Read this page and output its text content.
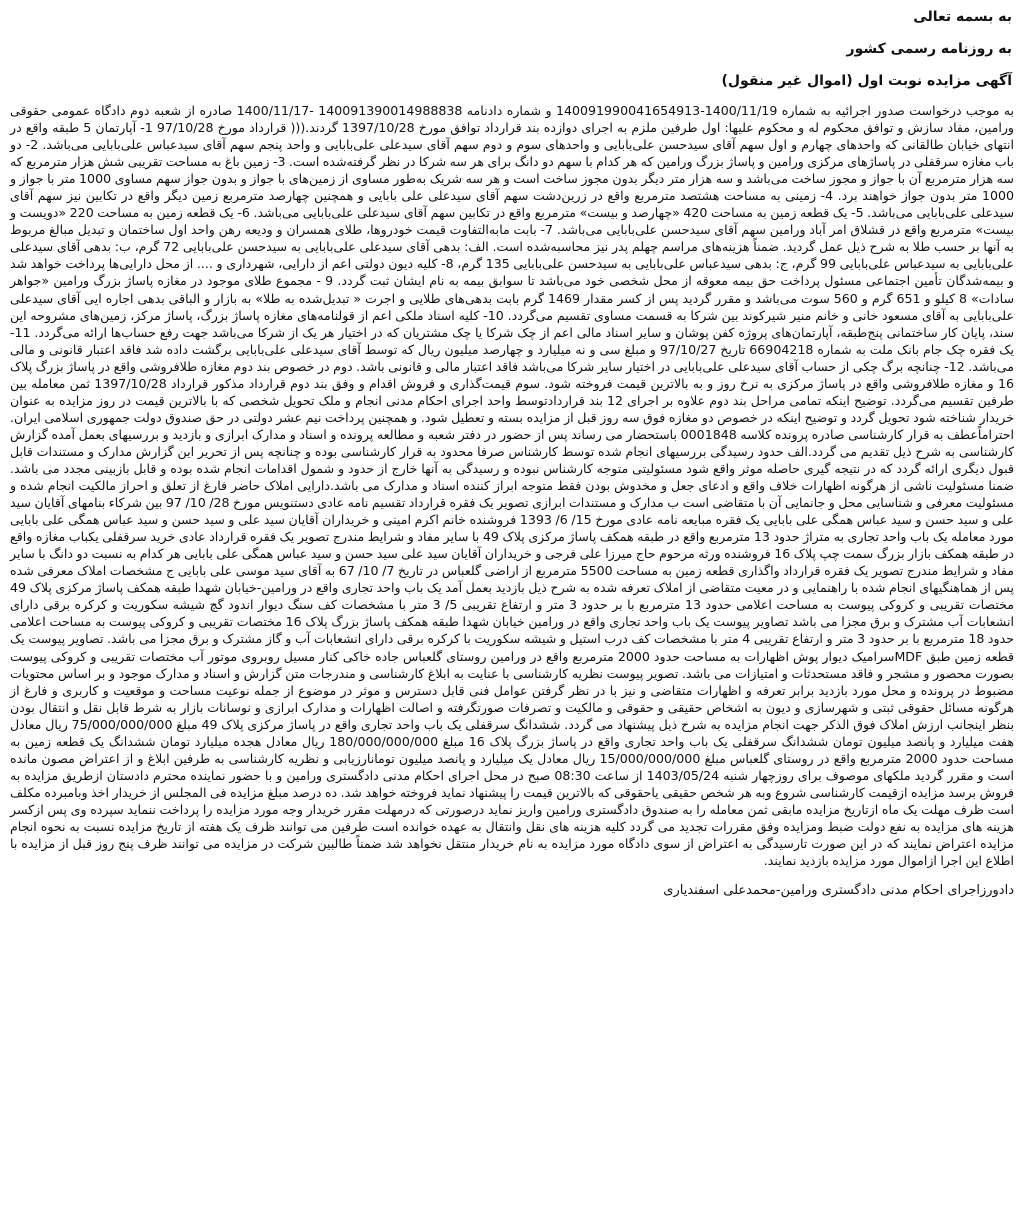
به بسمه تعالی

به روزنامه رسمی کشور

آگهی مزایده نوبت اول (اموال غیر منقول)

به موجب درخواست صدور اجرائیه به شماره 1400/11/19-140091990041654913 و شماره دادنامه 140091390014988838 -1400/11/17 صادره از شعبه دوم دادگاه عمومی حقوقی ورامین، مفاد سازش و توافق محکوم له و محکوم علیها: اول طرفین ملزم به اجرای دوازده بند قرارداد توافق مورخ 1397/10/28 گردند.((( قرارداد مورخ 97/10/28 1- آپارتمان 5 طبقه واقع در انتهای خیابان طالقانی که واحدهای چهارم و اول سهم آقای سیدحسن علی‌بابایی و واحدهای سوم و دوم سهم آقای سیدعلی علی‌بابایی و واحد پنجم سهم آقای سیدعباس علی‌بابایی می‌باشد. 2- دو باب مغازه سرقفلی در پاساژهای مرکزی ورامین و پاساژ بزرگ ورامین که هر کدام با سهم دو دانگ برای هر سه شرکا در نظر گرفته‌شده است. 3- زمین باغ به مساحت تقریبی شش هزار مترمربع که سه هزار مترمربع آن با جواز و مجوز ساخت می‌باشد و سه هزار متر دیگر بدون مجوز ساخت است و هر سه شریک به‌طور مساوی از زمین‌های با جواز و بدون جواز سهم مساوی 1000 متر با جواز و 1000 متر بدون جواز خواهند برد. 4- زمینی به مساحت هشتصد مترمربع واقع در زرین‌دشت سهم آقای سیدعلی علی بابایی و همچنین چهارصد مترمربع زمین دیگر واقع در تکابین نیز سهم آقای سیدعلی علی‌بابایی می‌باشد. 5- یک قطعه زمین به مساحت 420 «چهارصد و بیست» مترمربع واقع در تکابین سهم آقای سیدعلی علی‌بابایی می‌باشد. 6- یک قطعه زمین به مساحت 220 «دویست و بیست» مترمربع واقع در قشلاق امر آباد ورامین سهم آقای سیدحسن علی‌بابایی می‌باشد. 7- بابت مابه‌التفاوت قیمت خودروها، طلای همسران و ودیعه رهن واحد اول ساختمان و تبدیل مبالغ مربوط به آنها بر حسب طلا به شرح ذیل عمل گردید. ضمناً هزینه‌های مراسم چهلم پدر نیز محاسبه‌شده است. الف: بدهی آقای سیدعلی علی‌بابایی به سیدحسن علی‌بابایی 72 گرم، ب: بدهی آقای سیدعلی علی‌بابایی به سیدعباس علی‌بابایی 99 گرم، ج: بدهی سیدعباس علی‌بابایی به سیدحسن علی‌بابایی 135 گرم، 8- کلیه دیون دولتی اعم از دارایی، شهرداری و .... از محل دارایی‌ها پرداخت خواهد شد و بیمه‌شدگان تأمین اجتماعی مسئول پرداخت حق بیمه معوقه از محل شخصی خود می‌باشد تا سوابق بیمه به نام ایشان ثبت گردد. 9 - مجموع طلای موجود در مغازه پاساژ بزرگ ورامین «جواهر سادات» 8 کیلو و 651 گرم و 560 سوت می‌باشد و مقرر گردید پس از کسر مقدار 1469 گرم بابت بدهی‌های طلایی و اجرت « تبدیل‌شده به طلا» به بازار و الباقی بدهی اجاره ایی آقای سیدعلی علی‌بابایی به آقای مسعود خانی و خانم منیر شیرکوند بین شرکا به قسمت مساوی تقسیم می‌گردد. 10- کلیه اسناد ملکی اعم از قولنامه‌های مغازه پاساژ بزرگ، پاساژ مرکز، زمین‌های مشروحه این سند، پایان کار ساختمانی پنج‌طبقه، آپارتمان‌های پروژه کفن پوشان و سایر اسناد مالی اعم از چک شرکا یا چک مشتریان که در اختیار هر یک از شرکا می‌باشد جهت رفع حساب‌ها ارائه می‌گردد. 11- یک فقره چک جام بانک ملت به شماره 66904218 تاریخ 97/10/27 و مبلغ سی و نه میلیارد و چهارصد میلیون ریال که توسط آقای سیدعلی علی‌بابایی برگشت داده شد فاقد اعتبار قانونی و مالی می‌باشد. 12- چنانچه برگ چکی از حساب آقای سیدعلی علی‌بابایی در اختیار سایر شرکا می‌باشد فاقد اعتبار مالی و قانونی باشد. دوم در خصوص بند دوم مغازه طلافروشی واقع در پاساژ بزرگ پلاک 16 و مغازه طلافروشی واقع در پاساژ مرکزی به نرخ روز و به بالاترین قیمت فروخته شود. سوم قیمت‌گذاری و فروش اقدام و وفق بند دوم قرارداد مذکور قرارداد 1397/10/28 ثمن معامله بین طرفین تقسیم می‌گردد. توضیح اینکه تمامی مراحل بند دوم علاوه بر اجرای 12 بند قراردادتوسط واحد اجرای احکام مدنی انجام و ملک تحویل شخصی که با بالاترین قیمت در روز مزایده به عنوان خریدار شناخته شود تحویل گردد و توضیح اینکه در خصوص دو مغازه فوق سه روز قبل از مزایده بسته و تعطیل شود. و همچنین پرداخت نیم عشر دولتی در حق صندوق دولت جمهوری اسلامی ایران. احتراماًعطف به قرار کارشناسی صادره پرونده کلاسه 0001848 باستحضار می رساند پس از حضور در دفتر شعبه و مطالعه پرونده و اسناد و مدارک ابرازی و بازدید و بررسیهای بعمل آمده گزارش کارشناسی به شرح ذیل تقدیم می گردد.الف حدود رسیدگی بررسیهای انجام شده توسط کارشناس صرفا محدود به قرار کارشناسی بوده و چنانچه پس از تحریر این گزارش مدارک و مستندات قابل قبول دیگری ارائه گردد که در نتیجه گیری حاصله موثر واقع شود مسئولیتی متوجه کارشناس نبوده و رسیدگی به آنها خارج از حدود و شمول اقدامات انجام شده بوده و قابل بازبینی مجدد می باشد. ضمنا مسئولیت ناشی از هرگونه اظهارات خلاف واقع و ادعای جعل و مخدوش بودن فقط متوجه ابراز کننده اسناد و مدارک می باشد.دارایی املاک حاضر فارغ از تعلق و احراز مالکیت انجام شده و مسئولیت معرفی و شناسایی محل و جانمایی آن با متقاضی است ب مدارک و مستندات ابرازی تصویر یک فقره قرارداد تقسیم نامه عادی دستنویس مورخ 28/ 10/ 97 بین شرکاء بنامهای آقایان سید علی و سید حسن و سید عباس همگی علی بابایی یک فقره مبایعه نامه عادی مورخ 15/ 6/ 1393 فروشنده خانم اکرم امینی و خریداران آقایان سید علی و سید حسن و سید عباس همگی علی بابایی مورد معامله یک باب واحد تجاری به متراژ حدود 13 مترمربع واقع در طبقه همکف پاساژ مرکزی پلاک 49 با سایر مفاد و شرایط مندرج تصویر یک فقره قرارداد عادی خرید سرقفلی یکباب مغازه واقع در طبقه همکف بازار بزرگ سمت چپ پلاک 16 فروشنده ورثه مرحوم حاج میرزا علی فرجی و خریداران آقایان سید علی سید حسن و سید عباس همگی علی بابایی هر کدام به نسبت دو دانگ با سایر مفاد و شرایط مندرج تصویر یک فقره قرارداد واگذاری قطعه زمین به مساحت 5500 مترمربع از اراضی گلعباس در تاریخ 7/ 10/ 67 به آقای سید موسی علی بابایی ج مشخصات املاک معرفی شده پس از هماهنگیهای انجام شده با راهنمایی و در معیت متقاضی از املاک تعرفه شده به شرح ذیل بازدید بعمل آمد یک باب واحد تجاری واقع در ورامین-خیابان شهدا طبقه همکف پاساژ مرکزی پلاک 49 مختصات تقریبی و کروکی پیوست به مساحت اعلامی حدود 13 مترمربع با بر حدود 3 متر و ارتفاع تقریبی 5/ 3 متر با مشخصات کف سنگ دیوار اندود گچ شیشه سکوریت و کرکره برقی دارای انشعابات آب مشترک و برق مجزا می باشد تصاویر پیوست یک باب واحد تجاری واقع در ورامین خیابان شهدا طبقه همکف پاساژ بزرگ پلاک 16 مختصات تقریبی و کروکی پیوست به مساحت اعلامی حدود 18 مترمربع با بر حدود 3 متر و ارتفاع تقریبی 4 متر با مشخصات کف درب استیل و شیشه سکوریت با کرکره برقی دارای انشعابات آب و گاز مشترک و برق مجزا می باشد. تصاویر پیوست یک قطعه زمین طبق MDFسرامیک دیوار پوش اظهارات به مساحت حدود 2000 مترمربع واقع در ورامین روستای گلعباس جاده خاکی کنار مسیل روبروی موتور آب مختصات تقریبی و کروکی پیوست بصورت محصور و مشجر و فاقد مستحدثات و امتیازات می باشد. تصویر پیوست نظریه کارشناسی با عنایت به ابلاغ کارشناسی و مندرجات متن گزارش و اسناد و مدارک موجود و بر اساس محتویات مضبوط در پرونده و محل مورد بازدید برابر تعرفه و اظهارات متقاضی و نیز با در نظر گرفتن عوامل فنی قابل دسترس و موثر در موضوع از جمله نوعیت مساحت و موقعیت و کاربری و فارغ از هرگونه مسائل حقوقی ثبتی و شهرسازی و دیون به اشخاص حقیقی و حقوقی و مالکیت و تصرفات صورتگرفته و اصالت اظهارات و مدارک ابرازی و نوسانات بازار به شرط قابل نقل و انتقال بودن بنظر اینجانب ارزش املاک فوق الذکر جهت انجام مزایده به شرح ذیل پیشنهاد می گردد. ششدانگ سرقفلی یک باب واحد تجاری واقع در پاساژ مرکزی پلاک 49 مبلغ 75/000/000/000 ریال معادل هفت میلیارد و پانصد میلیون تومان ششدانگ سرقفلی یک باب واحد تجاری واقع در پاساژ بزرگ پلاک 16 مبلغ 180/000/000/000 ریال معادل هجده میلیارد تومان ششدانگ یک قطعه زمین به مساحت حدود 2000 مترمربع واقع در روستای گلعباس مبلغ 15/000/000/000 ریال معادل یک میلیارد و پانصد میلیون تومانارزیابی و نظریه کارشناسی به طرفین ابلاغ و از اعتراض مصون مانده است و مقرر گردید ملکهای موصوف برای روزچهار شنبه 1403/05/24 از ساعت 08:30 صبح در محل اجرای احکام مدنی دادگستری ورامین و با حضور نماینده محترم دادستان ازطریق مزایده به فروش برسد مزایده ازقیمت کارشناسی شروع وبه هر شخص حقیقی یاحقوقی که بالاترین قیمت را پیشنهاد نماید فروخته خواهد شد. ده درصد مبلغ مزایده فی المجلس از خریدار اخذ وبامبرده مکلف است ظرف مهلت یک ماه ازتاریخ مزایده مابقی ثمن معامله را به صندوق دادگستری ورامین واریز نماید درصورتی که درمهلت مقرر خریدار وجه مورد مزایده را پرداخت ننماید سپرده وی پس ازکسر هزینه های مزایده به نفع دولت ضبط ومزایده وفق مقررات تجدید می گردد کلیه هزینه های نقل وانتقال به عهده خوانده است طرفین می توانند ظرف یک هفته از تاریخ مزایده نسبت به نحوه انجام مزایده اعتراض نمایند که در این صورت تارسیدگی به اعتراض از سوی دادگاه مورد مزایده به نام خریدار منتقل نخواهد شد ضمناً طالبین شرکت در مزایده می توانند ظرف پنج روز قبل از مزایده با اطلاع این اجرا ازاموال مورد مزایده بازدید نمایند.

دادورزاجرای احکام مدنی دادگستری ورامین-محمدعلی اسفندیاری
